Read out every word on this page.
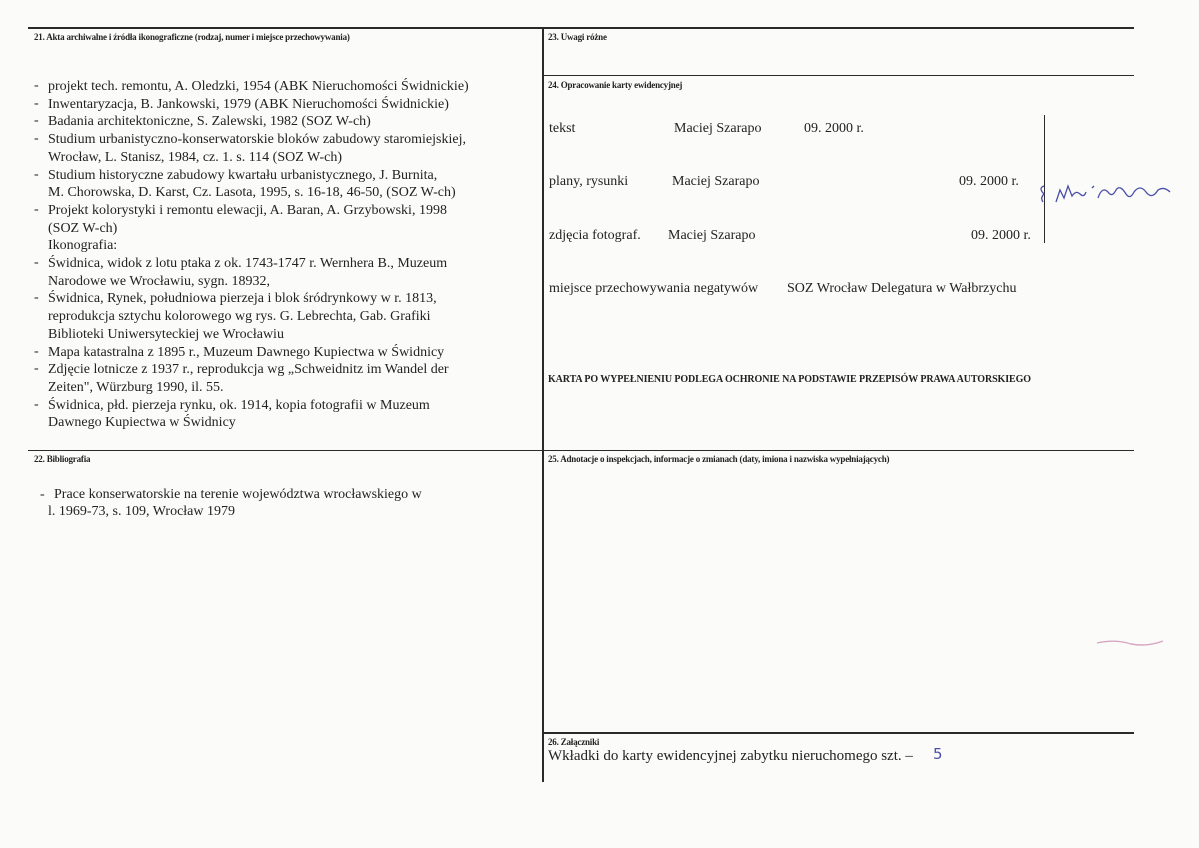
21. Akta archiwalne i źródła ikonograficzne (rodzaj, numer i miejsce przechowywania)
22. Bibliografia
23. Uwagi różne
24. Opracowanie karty ewidencyjnej
25. Adnotacje o inspekcjach, informacje o zmianach (daty, imiona i nazwiska wypełniających)
26. Załączniki
- projekt tech. remontu, A. Oledzki, 1954 (ABK Nieruchomości Świdnickie)
- Inwentaryzacja, B. Jankowski, 1979 (ABK Nieruchomości Świdnickie)
- Badania architektoniczne, S. Zalewski, 1982 (SOZ W-ch)
- Studium urbanistyczno-konserwatorskie bloków zabudowy staromiejskiej,
Wrocław, L. Stanisz, 1984, cz. 1. s. 114 (SOZ W-ch)
- Studium historyczne zabudowy kwartału urbanistycznego, J. Burnita,
M. Chorowska, D. Karst, Cz. Lasota, 1995, s. 16-18, 46-50, (SOZ W-ch)
- Projekt kolorystyki i remontu elewacji, A. Baran, A. Grzybowski, 1998
(SOZ W-ch)
Ikonografia:
- Świdnica, widok z lotu ptaka z ok. 1743-1747 r. Wernhera B., Muzeum
Narodowe we Wrocławiu, sygn. 18932,
- Świdnica, Rynek, południowa pierzeja i blok śródrynkowy w r. 1813,
reprodukcja sztychu kolorowego wg rys. G. Lebrechta, Gab. Grafiki
Biblioteki Uniwersyteckiej we Wrocławiu
- Mapa katastralna z 1895 r., Muzeum Dawnego Kupiectwa w Świdnicy
- Zdjęcie lotnicze z 1937 r., reprodukcja wg „Schweidnitz im Wandel der
Zeiten", Würzburg 1990, il. 55.
- Świdnica, płd. pierzeja rynku, ok. 1914, kopia fotografii w Muzeum
Dawnego Kupiectwa w Świdnicy
- Prace konserwatorskie na terenie województwa wrocławskiego w
l. 1969-73, s. 109, Wrocław 1979
tekst	Maciej Szarapo	09. 2000 r.
plany, rysunki	Maciej Szarapo	09. 2000 r.
zdjęcia fotograf. Maciej Szarapo	09. 2000 r.
miejsce przechowywania negatywów SOZ Wrocław Delegatura w Wałbrzychu
KARTA PO WYPEŁNIENIU PODLEGA OCHRONIE NA PODSTAWIE PRZEPISÓW PRAWA AUTORSKIEGO
Wkładki do karty ewidencyjnej zabytku nieruchomego szt. – 5
